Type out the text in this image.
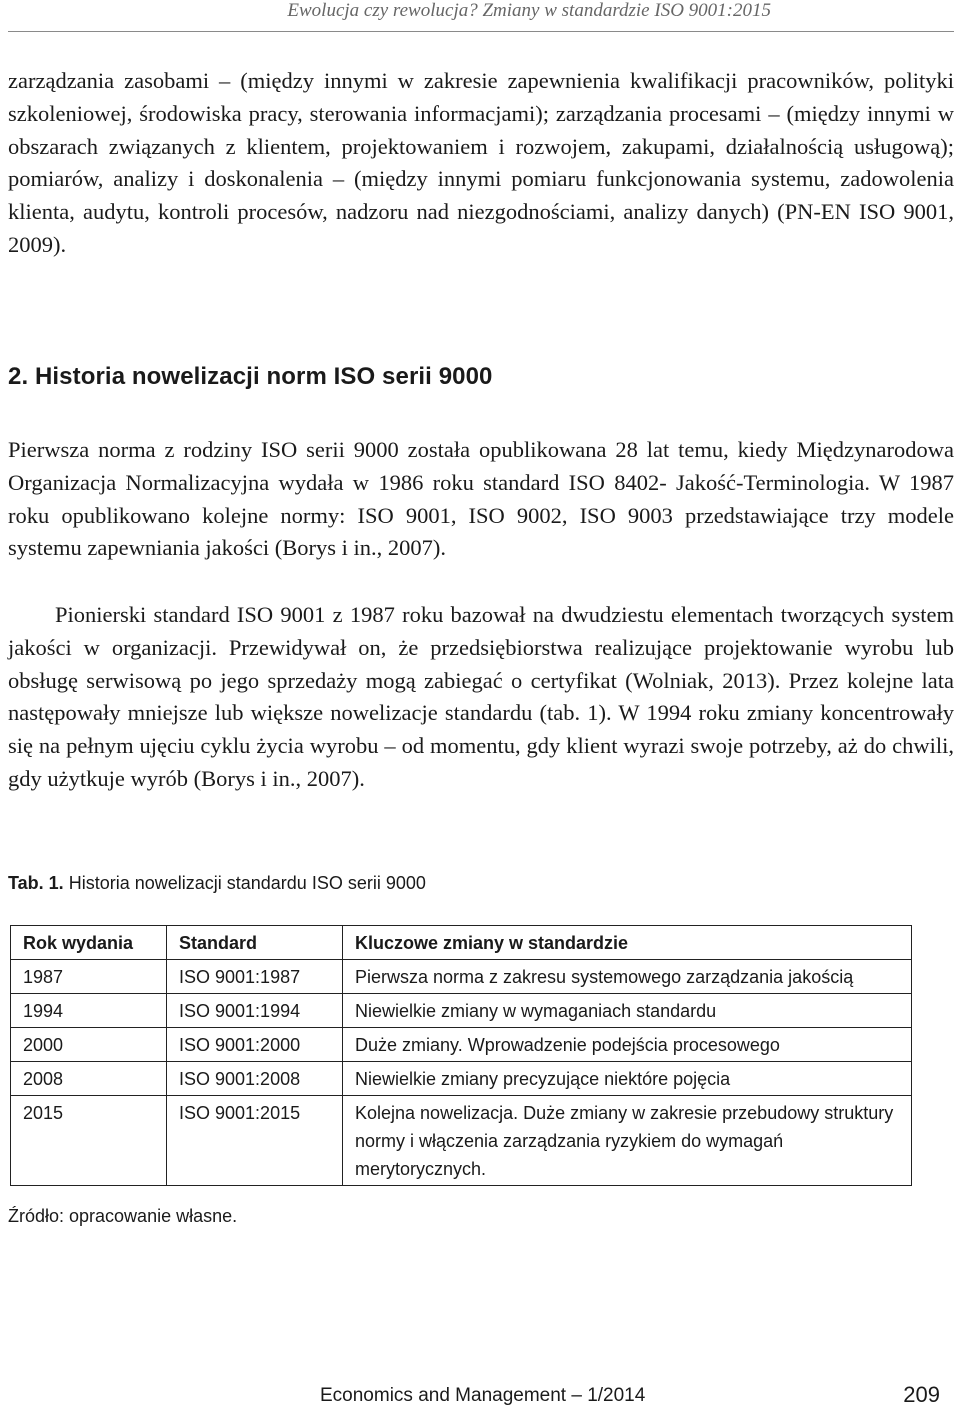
Ewolucja czy rewolucja? Zmiany w standardzie ISO 9001:2015

zarządzania zasobami – (między innymi w zakresie zapewnienia kwalifikacji pracowników, polityki szkoleniowej, środowiska pracy, sterowania informacjami); zarządzania procesami – (między innymi w obszarach związanych z klientem, projektowaniem i rozwojem, zakupami, działalnością usługową); pomiarów, analizy i doskonalenia – (między innymi pomiaru funkcjonowania systemu, zadowolenia klienta, audytu, kontroli procesów, nadzoru nad niezgodnościami, analizy danych) (PN-EN ISO 9001, 2009).

2. Historia nowelizacji norm ISO serii 9000

Pierwsza norma z rodziny ISO serii 9000 została opublikowana 28 lat temu, kiedy Międzynarodowa Organizacja Normalizacyjna wydała w 1986 roku standard ISO 8402- Jakość-Terminologia. W 1987 roku opublikowano kolejne normy: ISO 9001, ISO 9002, ISO 9003 przedstawiające trzy modele systemu zapewniania jakości (Borys i in., 2007).

Pionierski standard ISO 9001 z 1987 roku bazował na dwudziestu elementach tworzących system jakości w organizacji. Przewidywał on, że przedsiębiorstwa realizujące projektowanie wyrobu lub obsługę serwisową po jego sprzedaży mogą zabiegać o certyfikat (Wolniak, 2013). Przez kolejne lata następowały mniejsze lub większe nowelizacje standardu (tab. 1). W 1994 roku zmiany koncentrowały się na pełnym ujęciu cyklu życia wyrobu – od momentu, gdy klient wyrazi swoje potrzeby, aż do chwili, gdy użytkuje wyrób (Borys i in., 2007).

Tab. 1. Historia nowelizacji standardu ISO serii 9000
Rok wydania	Standard	Kluczowe zmiany w standardzie
1987	ISO 9001:1987	Pierwsza norma z zakresu systemowego zarządzania jakością
1994	ISO 9001:1994	Niewielkie zmiany w wymaganiach standardu
2000	ISO 9001:2000	Duże zmiany. Wprowadzenie podejścia procesowego
2008	ISO 9001:2008	Niewielkie zmiany precyzujące niektóre pojęcia
2015	ISO 9001:2015	Kolejna nowelizacja. Duże zmiany w zakresie przebudowy struktury normy i włączenia zarządzania ryzykiem do wymagań merytorycznych.
Źródło: opracowanie własne.
Economics and Management – 1/2014	209
